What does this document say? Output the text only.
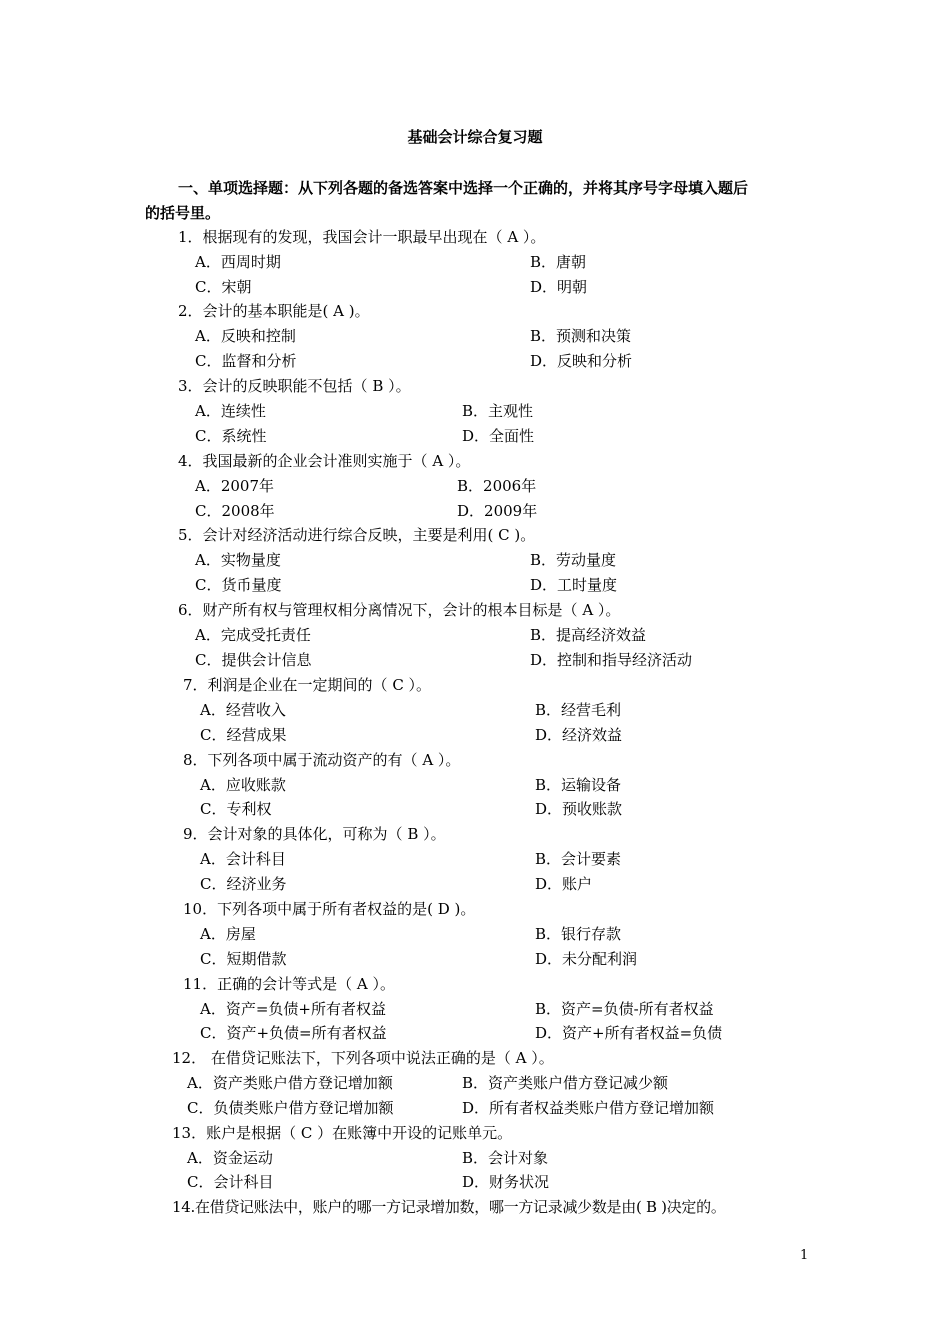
基础会计综合复习题
一、单项选择题：从下列各题的备选答案中选择一个正确的，并将其序号字母填入题后
的括号里。
1．根据现有的发现，我国会计一职最早出现在（ A ）。
A．西周时期	B．唐朝
C．宋朝	D．明朝
2．会计的基本职能是( A )。
A．反映和控制	B．预测和决策
C．监督和分析	D．反映和分析
3．会计的反映职能不包括（ B ）。
A．连续性	B．主观性
C．系统性	D．全面性
4．我国最新的企业会计准则实施于（ A ）。
A．2007年	B．2006年
C．2008年	D．2009年
5．会计对经济活动进行综合反映，主要是利用( C )。
A．实物量度	B．劳动量度
C．货币量度	D．工时量度
6．财产所有权与管理权相分离情况下，会计的根本目标是（ A ）。
A．完成受托责任	B．提高经济效益
C．提供会计信息	D．控制和指导经济活动
7．利润是企业在一定期间的（ C ）。
A．经营收入	B．经营毛利
C．经营成果	D．经济效益
8．下列各项中属于流动资产的有（ A ）。
A．应收账款	B．运输设备
C．专利权	D．预收账款
9．会计对象的具体化，可称为（ B ）。
A．会计科目	B．会计要素
C．经济业务	D．账户
10．下列各项中属于所有者权益的是( D )。
A．房屋	B．银行存款
C．短期借款	D．未分配利润
11．正确的会计等式是（ A ）。
A．资产=负债+所有者权益	B．资产=负债-所有者权益
C．资产+负债=所有者权益	D．资产+所有者权益=负债
12． 在借贷记账法下，下列各项中说法正确的是（ A ）。
A．资产类账户借方登记增加额	B．资产类账户借方登记减少额
C．负债类账户借方登记增加额	D．所有者权益类账户借方登记增加额
13．账户是根据（ C ）在账簿中开设的记账单元。
A．资金运动	B．会计对象
C．会计科目	D．财务状况
14.在借贷记账法中，账户的哪一方记录增加数，哪一方记录减少数是由( B )决定的。
1
